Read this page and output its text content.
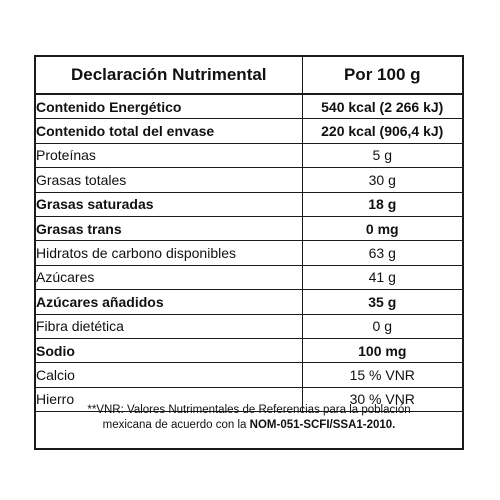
Declaración Nutrimental	Por 100 g
Contenido Energético	540 kcal (2 266 kJ)
Contenido total del envase	220 kcal (906,4 kJ)
Proteínas	5 g
Grasas totales	30 g
Grasas saturadas	18 g
Grasas trans	0 mg
Hidratos de carbono disponibles	63 g
Azúcares	41 g
Azúcares añadidos	35 g
Fibra dietética	0 g
Sodio	100 mg
Calcio	15 % VNR
Hierro	30 % VNR
**VNR: Valores Nutrimentales de Referencias para la población
mexicana de acuerdo con la NOM-051-SCFI/SSA1-2010.
